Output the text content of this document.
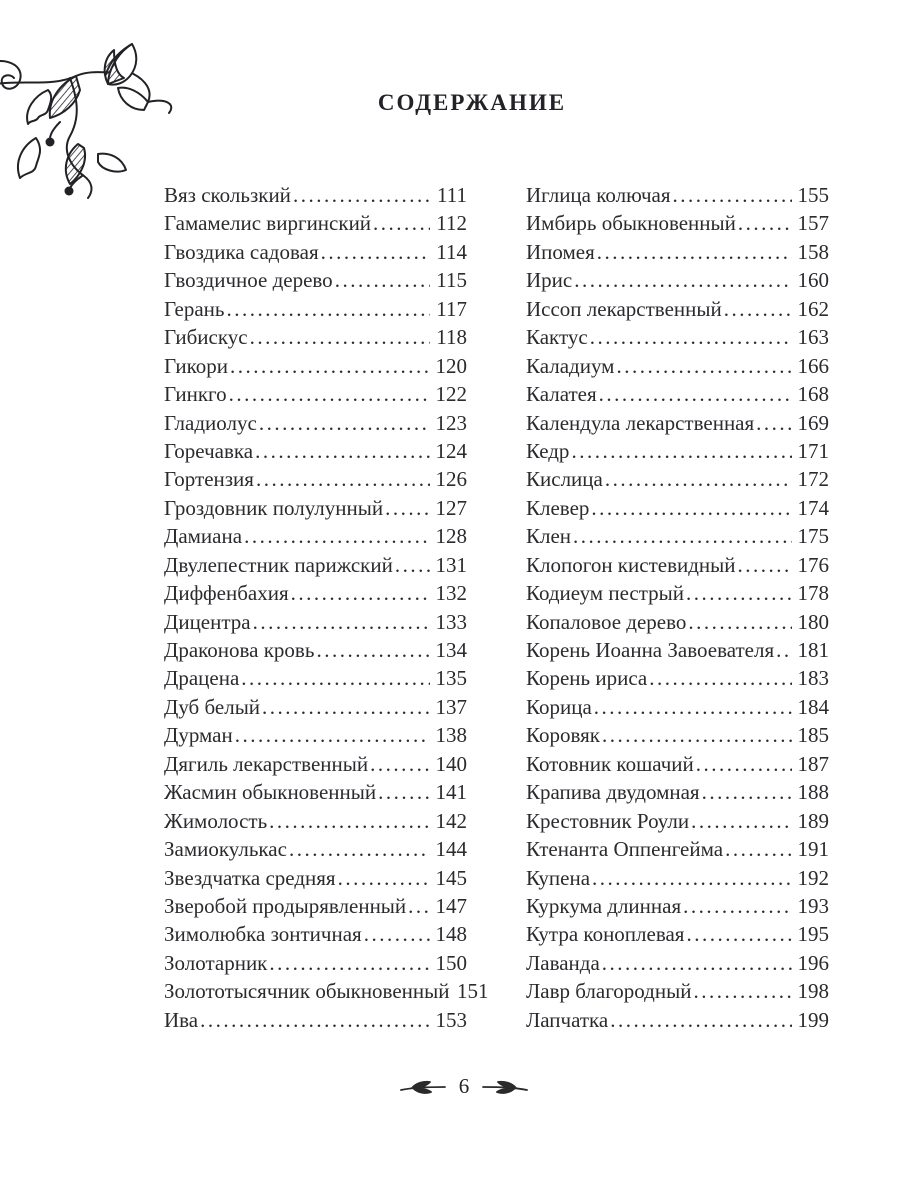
СОДЕРЖАНИЕ
Вяз скользкий .....	111
Гамамелис виргинский .....	112
Гвоздика садовая .....	114
Гвоздичное дерево .....	115
Герань .....	117
Гибискус .....	118
Гикори .....	120
Гинкго .....	122
Гладиолус .....	123
Горечавка .....	124
Гортензия .....	126
Гроздовник полулунный ..... 127
Дамиана .....	128
Двулепестник парижский ..... 131
Диффенбахия .....	132
Дицентра .....	133
Драконова кровь .....	134
Драцена .....	135
Дуб белый .....	137
Дурман .....	138
Дягиль лекарственный .....	140
Жасмин обыкновенный .....	141
Жимолость .....	142
Замиокулькас .....	144
Звездчатка средняя .....	145
Зверобой продырявленный ..... 147
Зимолюбка зонтичная .....	148
Золотарник .....	150
Золототысячник обыкновенный ..... 151
Ива .....	153
Иглица колючая .....	155
Имбирь обыкновенный .....	157
Ипомея .....	158
Ирис .....	160
Иссоп лекарственный .....	162
Кактус .....	163
Каладиум .....	166
Калатея .....	168
Календула лекарственная ..... 169
Кедр .....	171
Кислица .....	172
Клевер .....	174
Клен .....	175
Клопогон кистевидный .....	176
Кодиеум пестрый .....	178
Копаловое дерево .....	180
Корень Иоанна Завоевателя ..... 181
Корень ириса .....	183
Корица .....	184
Коровяк .....	185
Котовник кошачий .....	187
Крапива двудомная .....	188
Крестовник Роули .....	189
Ктенанта Оппенгейма .....	191
Купена .....	192
Куркума длинная .....	193
Кутра коноплевая .....	195
Лаванда .....	196
Лавр благородный .....	198
Лапчатка .....	199
6
